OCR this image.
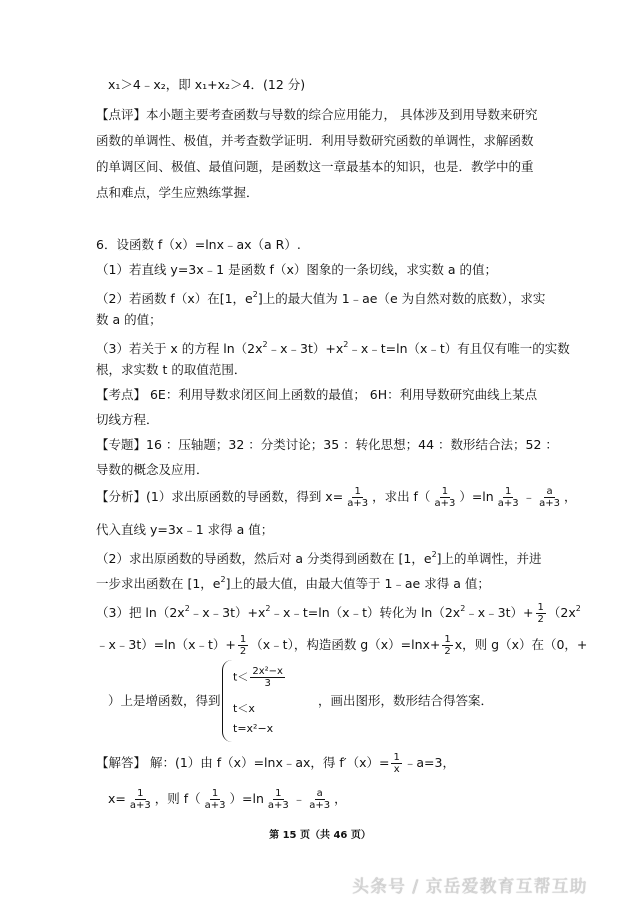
x₁＞4﹣x₂，即 x₁+x₂＞4．(12 分)
【点评】本小题主要考查函数与导数的综合应用能力， 具体涉及到用导数来研究
函数的单调性、极值，并考查数学证明．利用导数研究函数的单调性，求解函数
的单调区间、极值、最值问题，是函数这一章最基本的知识，也是．教学中的重
点和难点，学生应熟练掌握．
6．设函数 f（x）=lnx﹣ax（a R）.
（1）若直线 y=3x﹣1 是函数 f（x）图象的一条切线，求实数 a 的值；
（2）若函数 f（x）在[1，$e^2$]上的最大值为 1﹣ae（e 为自然对数的底数），求实
数 a 的值；
（3）若关于 x 的方程 $\ln(2x^2﹣x﹣3t)+x^2﹣x﹣t=\ln(x﹣t)$有且仅有唯一的实数
根，求实数 t 的取值范围．
【考点】 6E：利用导数求闭区间上函数的最值； 6H：利用导数研究曲线上某点
切线方程．
【专题】16 ：压轴题；32 ：分类讨论；35 ：转化思想；44 ：数形结合法；52 ：
导数的概念及应用．
【分析】(1）求出原函数的导函数，得到 $x= \frac{1}{a+3}$ ，求出 $f( \frac{1}{a+3} )=\ln \frac{1}{a+3}$ ﹣ $\frac{a}{a+3}$ ，
代入直线 y=3x﹣1 求得 a 值；
（2）求出原函数的导函数，然后对 a 分类得到函数在 [1，$e^2$]上的单调性，并进
一步求出函数在 [1，$e^2$]上的最大值，由最大值等于 1﹣ae 求得 a 值；
（3）把 $\ln(2x^2﹣x﹣3t)+x^2﹣x﹣t=\ln(x﹣t)$转化为 $\ln(2x^2﹣x﹣3t)+ \frac{1}{2} (2x^2$
﹣x﹣3t）=ln（x﹣t）+ $\frac{1}{2}$ （x﹣t），构造函数 $g(x)=\ln x+ \frac{1}{2}$ x，则 g（x）在（0，+
）上是增函数，得到
$t< \frac{\text{2x²−x}}{3}$
t＜x
t=x²−x
，画出图形，数形结合得答案．
【解答】 解：(1）由 f（x）=lnx﹣ax，得 $f'(x)= \frac{1}{x}$ ﹣a=3，
$x= \frac{1}{a+3}$ ，则 $f( \frac{1}{a+3} )=\ln \frac{1}{a+3}$ ﹣ $\frac{a}{a+3}$ ，
第 15 页（共 46 页）
头条号 / 京岳爱教育互帮互助
